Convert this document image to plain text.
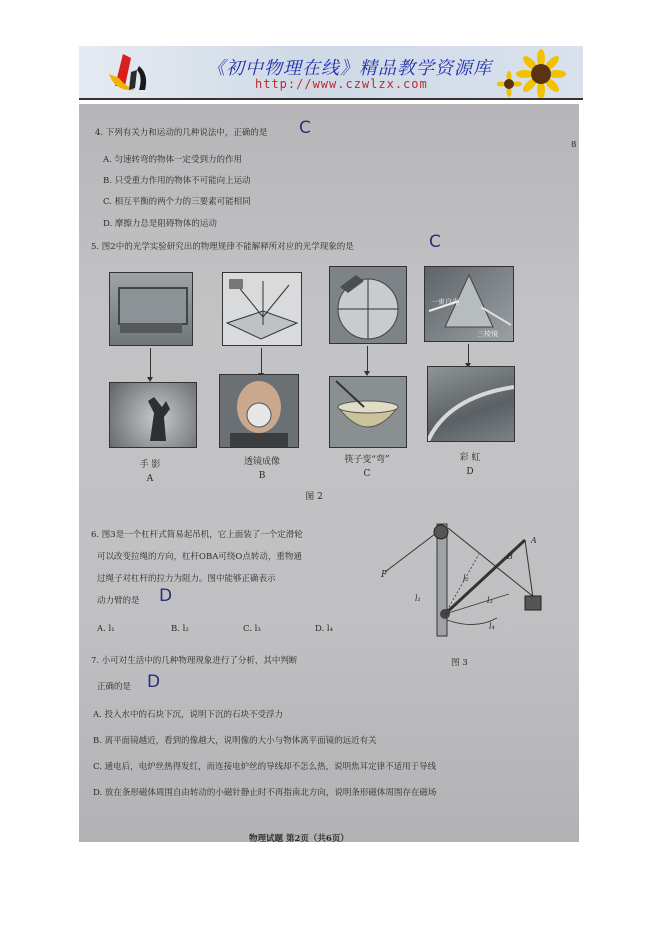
《初中物理在线》精品教学资源库
http://www.czwlzx.com
8
4. 下列有关力和运动的几种说法中，正确的是 C
A. 匀速转弯的物体一定受到力的作用
B. 只受重力作用的物体不可能向上运动
C. 相互平衡的两个力的三要素可能相同
D. 摩擦力总是阻碍物体的运动
5. 图2中的光学实验研究出的物理规律不能解释所对应的光学现象的是	C
一束白光
三棱镜
手 影
A
透镜成像
B
筷子变“弯”
C
彩 虹
D
图 2
6. 图3是一个杠杆式简易起吊机，它上面装了一个定滑轮
可以改变拉绳的方向，杠杆OBA可绕O点转动，重物通
过绳子对杠杆的拉力为阻力。图中能够正确表示
动力臂的是 D
A. l₁	B. l₂	C. l₃	D. l₄
F
A
B
l₁
l₂
l₃
l₄
图 3
7. 小可对生活中的几种物理现象进行了分析，其中判断
正确的是 D
A. 投入水中的石块下沉，说明下沉的石块不受浮力
B. 离平面镜越近，看到的像越大，说明像的大小与物体离平面镜的远近有关
C. 通电后，电炉丝热得发红，而连接电炉丝的导线却不怎么热，说明焦耳定律不适用于导线
D. 放在条形磁体周围自由转动的小磁针静止时不再指南北方向，说明条形磁体周围存在磁场
物理试题 第2页（共6页）
